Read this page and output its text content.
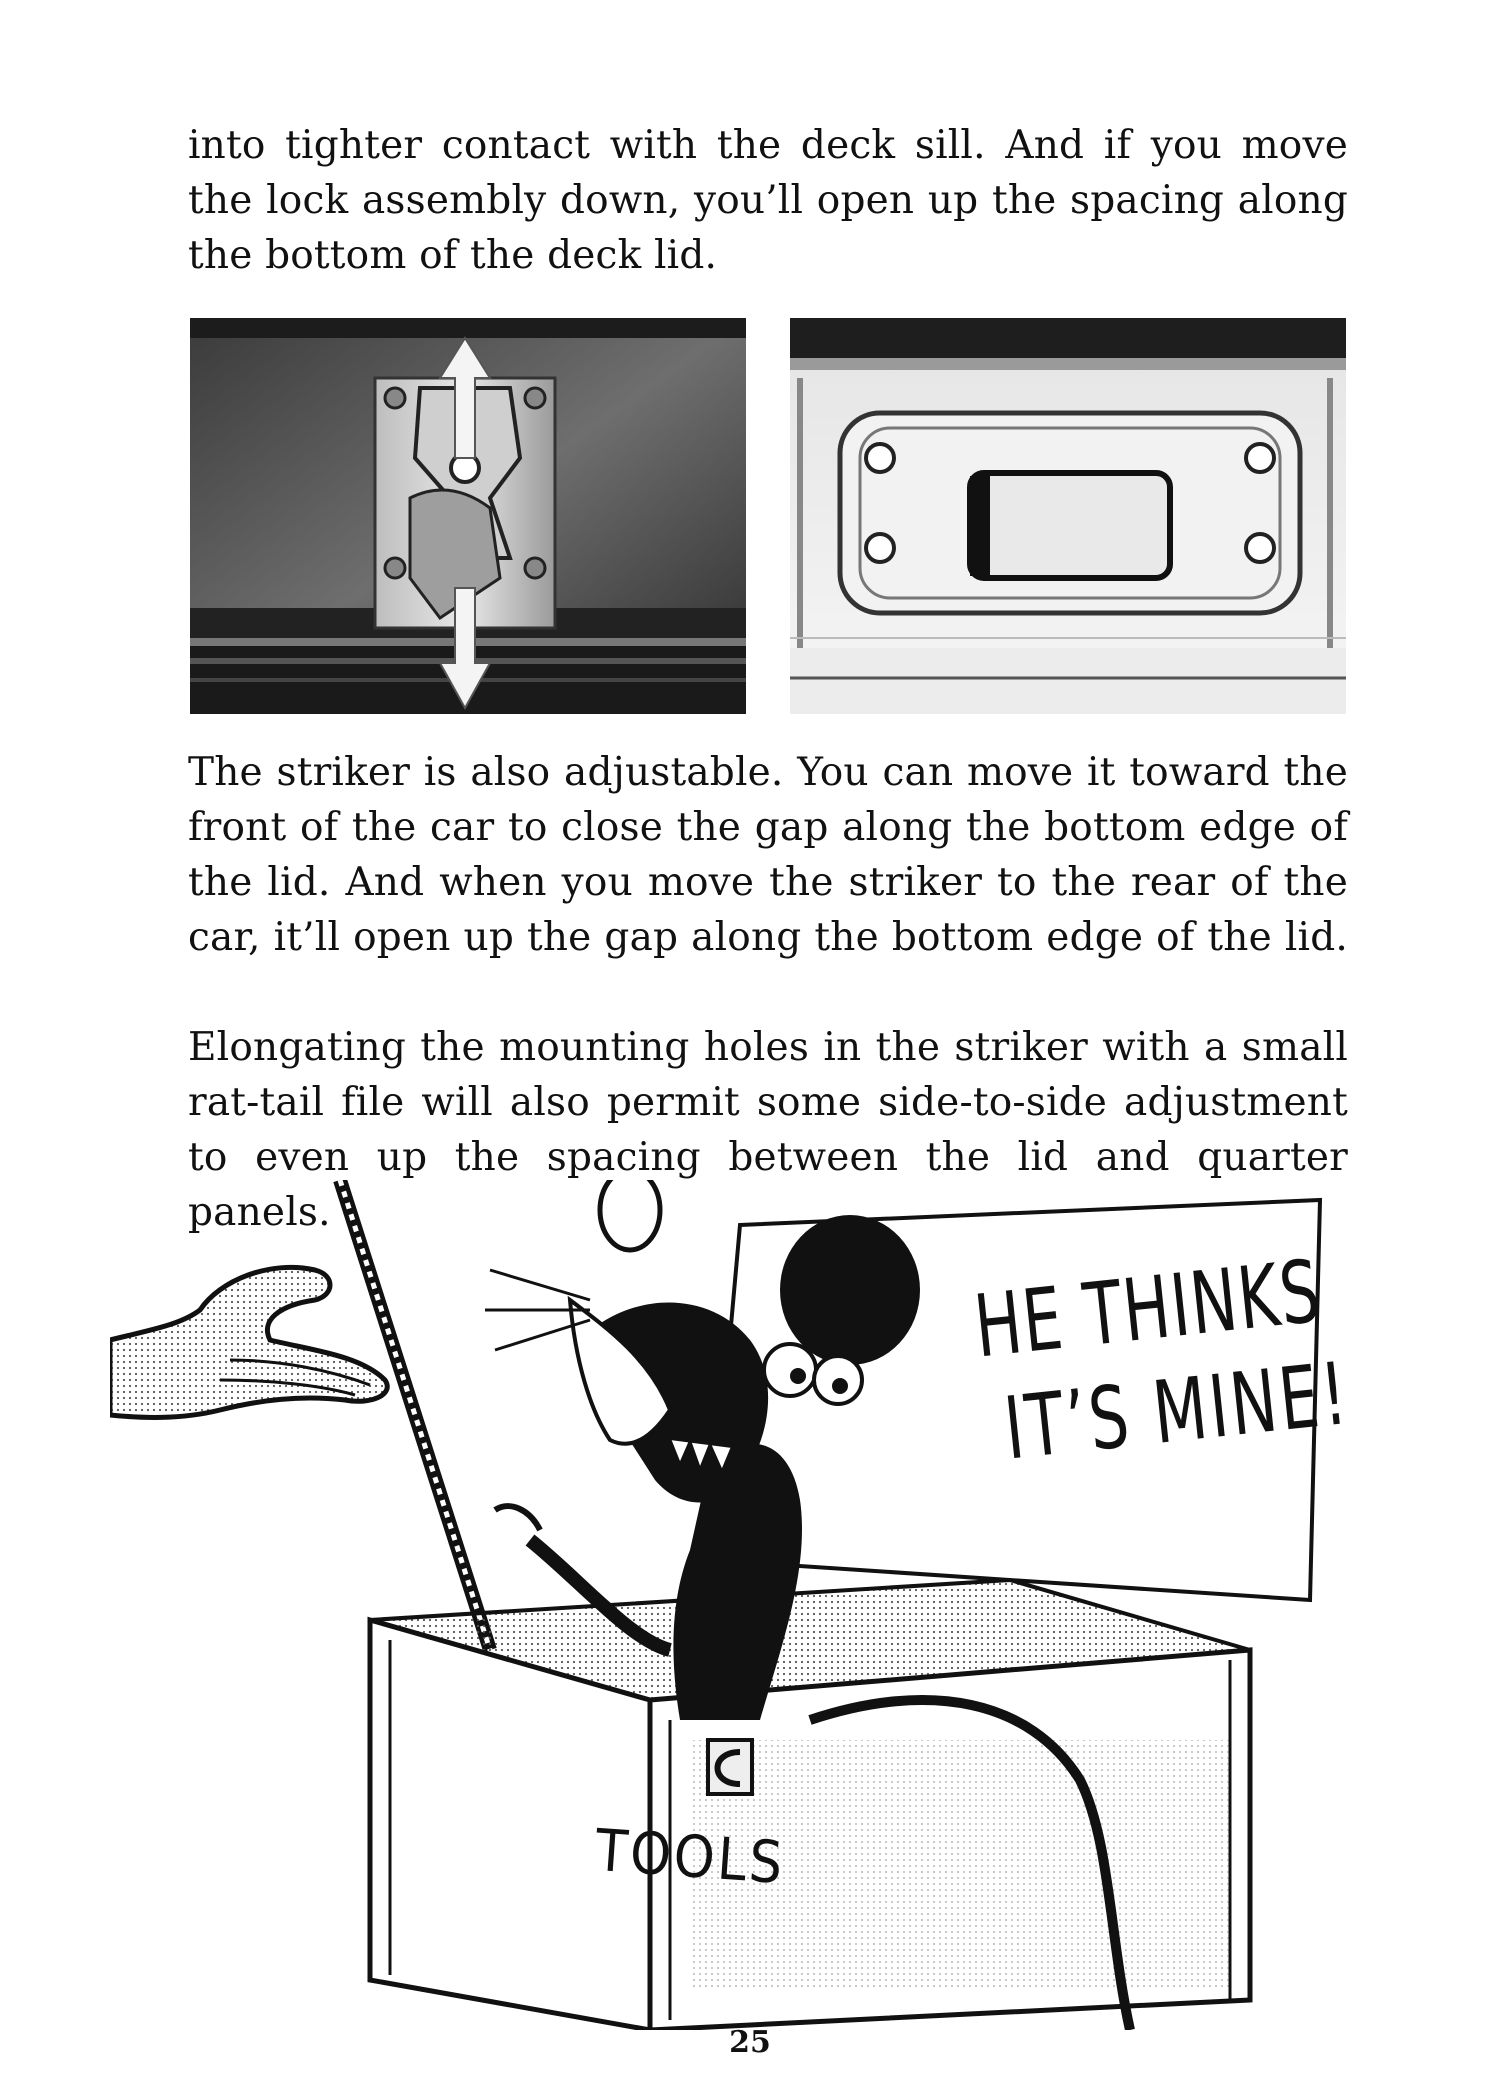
into tighter contact with the deck sill. And if you move the lock assembly down, you’ll open up the spacing along the bottom of the deck lid.

The striker is also adjustable. You can move it toward the front of the car to close the gap along the bottom edge of the lid. And when you move the striker to the rear of the car, it’ll open up the gap along the bottom edge of the lid.

Elongating the mounting holes in the striker with a small rat-tail file will also permit some side-to-side adjustment to even up the spacing between the lid and quarter panels.

HE THINKS
IT’S MINE!
TOOLS
25
